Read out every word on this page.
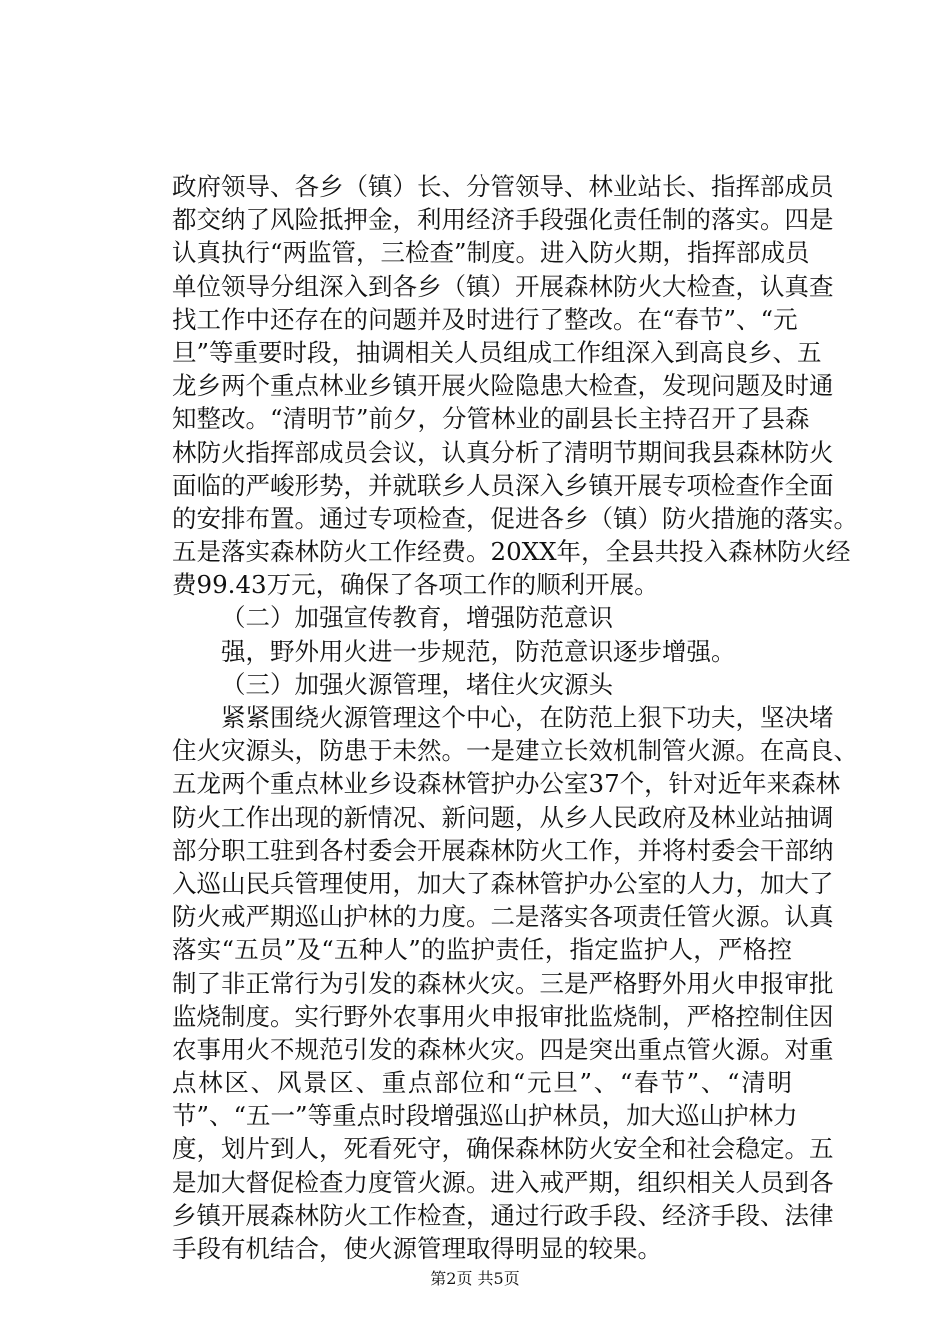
政府领导、各乡（镇）长、分管领导、林业站长、指挥部成员
都交纳了风险抵押金，利用经济手段强化责任制的落实。四是
认真执行“两监管，三检查”制度。进入防火期，指挥部成员
单位领导分组深入到各乡（镇）开展森林防火大检查，认真查
找工作中还存在的问题并及时进行了整改。在“春节”、“元
旦”等重要时段，抽调相关人员组成工作组深入到高良乡、五
龙乡两个重点林业乡镇开展火险隐患大检查，发现问题及时通
知整改。“清明节”前夕，分管林业的副县长主持召开了县森
林防火指挥部成员会议，认真分析了清明节期间我县森林防火
面临的严峻形势，并就联乡人员深入乡镇开展专项检查作全面
的安排布置。通过专项检查，促进各乡（镇）防火措施的落实。
五是落实森林防火工作经费。20XX年，全县共投入森林防火经
费99.43万元，确保了各项工作的顺利开展。
（二）加强宣传教育，增强防范意识
强，野外用火进一步规范，防范意识逐步增强。
（三）加强火源管理，堵住火灾源头
紧紧围绕火源管理这个中心，在防范上狠下功夫，坚决堵
住火灾源头，防患于未然。一是建立长效机制管火源。在高良、
五龙两个重点林业乡设森林管护办公室37个，针对近年来森林
防火工作出现的新情况、新问题，从乡人民政府及林业站抽调
部分职工驻到各村委会开展森林防火工作，并将村委会干部纳
入巡山民兵管理使用，加大了森林管护办公室的人力，加大了
防火戒严期巡山护林的力度。二是落实各项责任管火源。认真
落实“五员”及“五种人”的监护责任，指定监护人，严格控
制了非正常行为引发的森林火灾。三是严格野外用火申报审批
监烧制度。实行野外农事用火申报审批监烧制，严格控制住因
农事用火不规范引发的森林火灾。四是突出重点管火源。对重
点林区、风景区、重点部位和“元旦”、“春节”、“清明
节”、“五一”等重点时段增强巡山护林员，加大巡山护林力
度，划片到人，死看死守，确保森林防火安全和社会稳定。五
是加大督促检查力度管火源。进入戒严期，组织相关人员到各
乡镇开展森林防火工作检查，通过行政手段、经济手段、法律
手段有机结合，使火源管理取得明显的较果。
第2页 共5页
